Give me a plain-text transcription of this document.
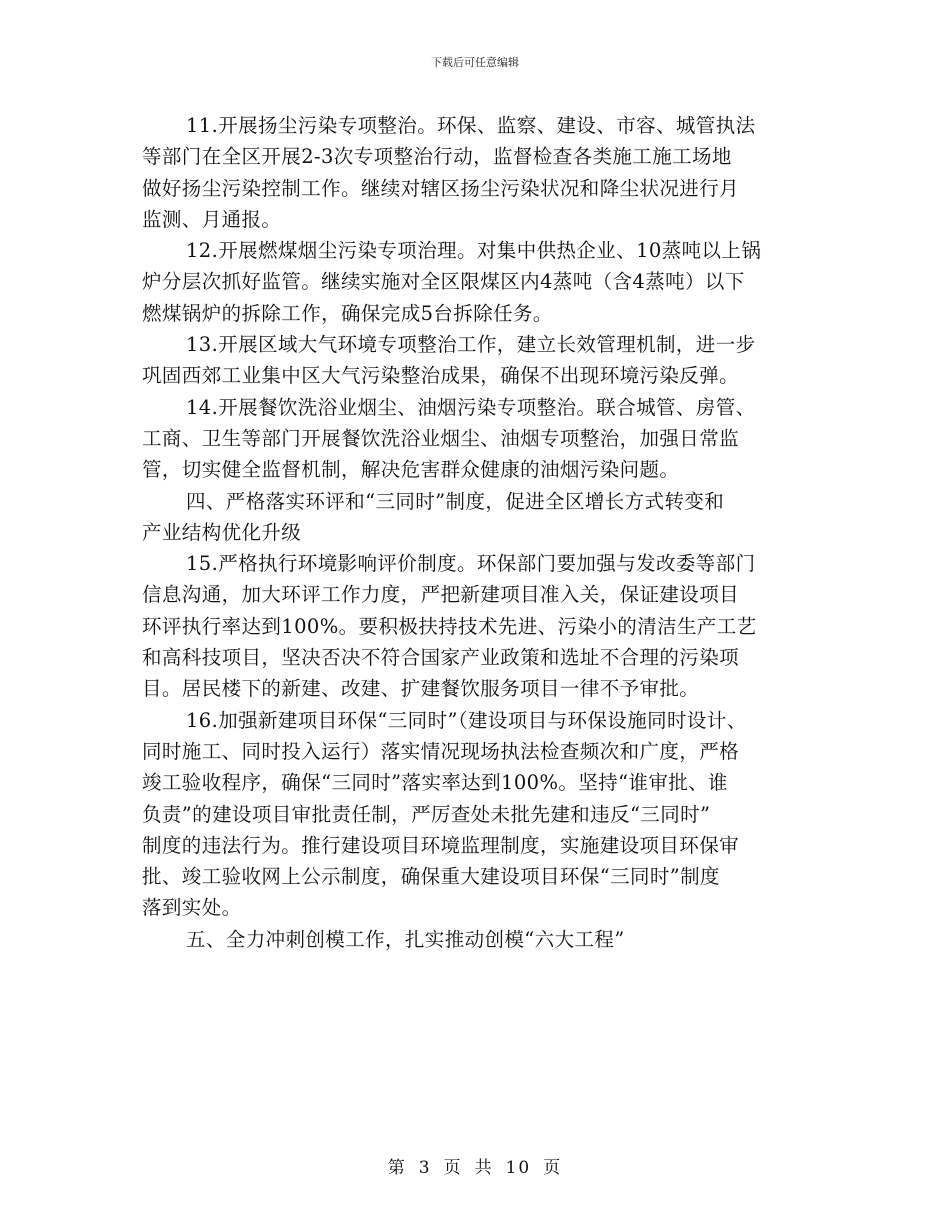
下载后可任意编辑
11.开展扬尘污染专项整治。环保、监察、建设、市容、城管执法
等部门在全区开展2-3次专项整治行动，监督检查各类施工施工场地
做好扬尘污染控制工作。继续对辖区扬尘污染状况和降尘状况进行月
监测、月通报。
12.开展燃煤烟尘污染专项治理。对集中供热企业、10蒸吨以上锅
炉分层次抓好监管。继续实施对全区限煤区内4蒸吨（含4蒸吨）以下
燃煤锅炉的拆除工作，确保完成5台拆除任务。
13.开展区域大气环境专项整治工作，建立长效管理机制，进一步
巩固西郊工业集中区大气污染整治成果，确保不出现环境污染反弹。
14.开展餐饮洗浴业烟尘、油烟污染专项整治。联合城管、房管、
工商、卫生等部门开展餐饮洗浴业烟尘、油烟专项整治，加强日常监
管，切实健全监督机制，解决危害群众健康的油烟污染问题。
四、严格落实环评和“三同时”制度，促进全区增长方式转变和
产业结构优化升级
15.严格执行环境影响评价制度。环保部门要加强与发改委等部门
信息沟通，加大环评工作力度，严把新建项目准入关，保证建设项目
环评执行率达到100%。要积极扶持技术先进、污染小的清洁生产工艺
和高科技项目，坚决否决不符合国家产业政策和选址不合理的污染项
目。居民楼下的新建、改建、扩建餐饮服务项目一律不予审批。
16.加强新建项目环保“三同时”（建设项目与环保设施同时设计、
同时施工、同时投入运行）落实情况现场执法检查频次和广度，严格
竣工验收程序，确保“三同时”落实率达到100%。坚持“谁审批、谁
负责”的建设项目审批责任制，严厉查处未批先建和违反“三同时”
制度的违法行为。推行建设项目环境监理制度，实施建设项目环保审
批、竣工验收网上公示制度，确保重大建设项目环保“三同时”制度
落到实处。
五、全力冲刺创模工作，扎实推动创模“六大工程”
第 3 页 共 10 页
